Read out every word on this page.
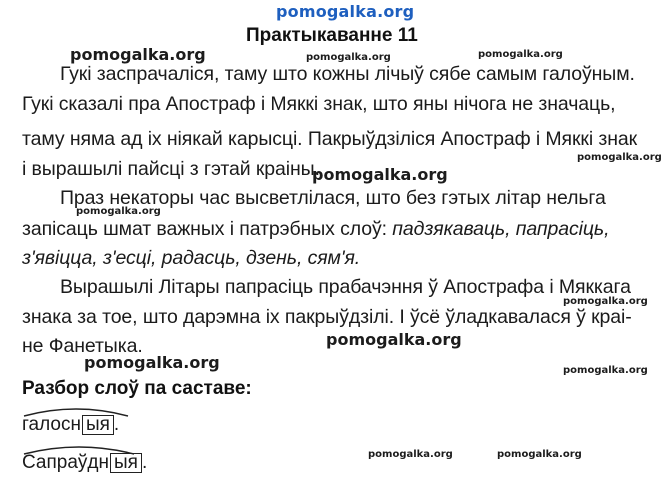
pomogalka.org
Практыкаванне 11
Гукі заспрачаліся, таму што кожны лічыў сябе самым галоўным.
Гукі сказалі пра Апостраф і Мяккі знак, што яны нічога не значаць,
таму няма ад іх ніякай карысці. Пакрыўдзіліся Апостраф і Мяккі знак
і вырашылі пайсці з гэтай краіны.
Праз некаторы час высветлілася, што без гэтых літар нельга
запісаць шмат важных і патрэбных слоў: падзякаваць, папрасіць,
з'явіцца, з'есці, радасць, дзень, сям'я.
Вырашылі Літары папрасіць прабачэння ў Апострафа і Мяккага
знака за тое, што дарэмна іх пакрыўдзілі. І ўсё ўладкавалася ў краі-
не Фанетыка.
Разбор слоў па саставе:
галосн ыя .
Сапраўдн ыя .
pomogalka.org	pomogalka.org	pomogalka.org
pomogalka.org
pomogalka.org
pomogalka.org
pomogalka.org
pomogalka.org
pomogalka.org	pomogalka.org
pomogalka.org	pomogalka.org
